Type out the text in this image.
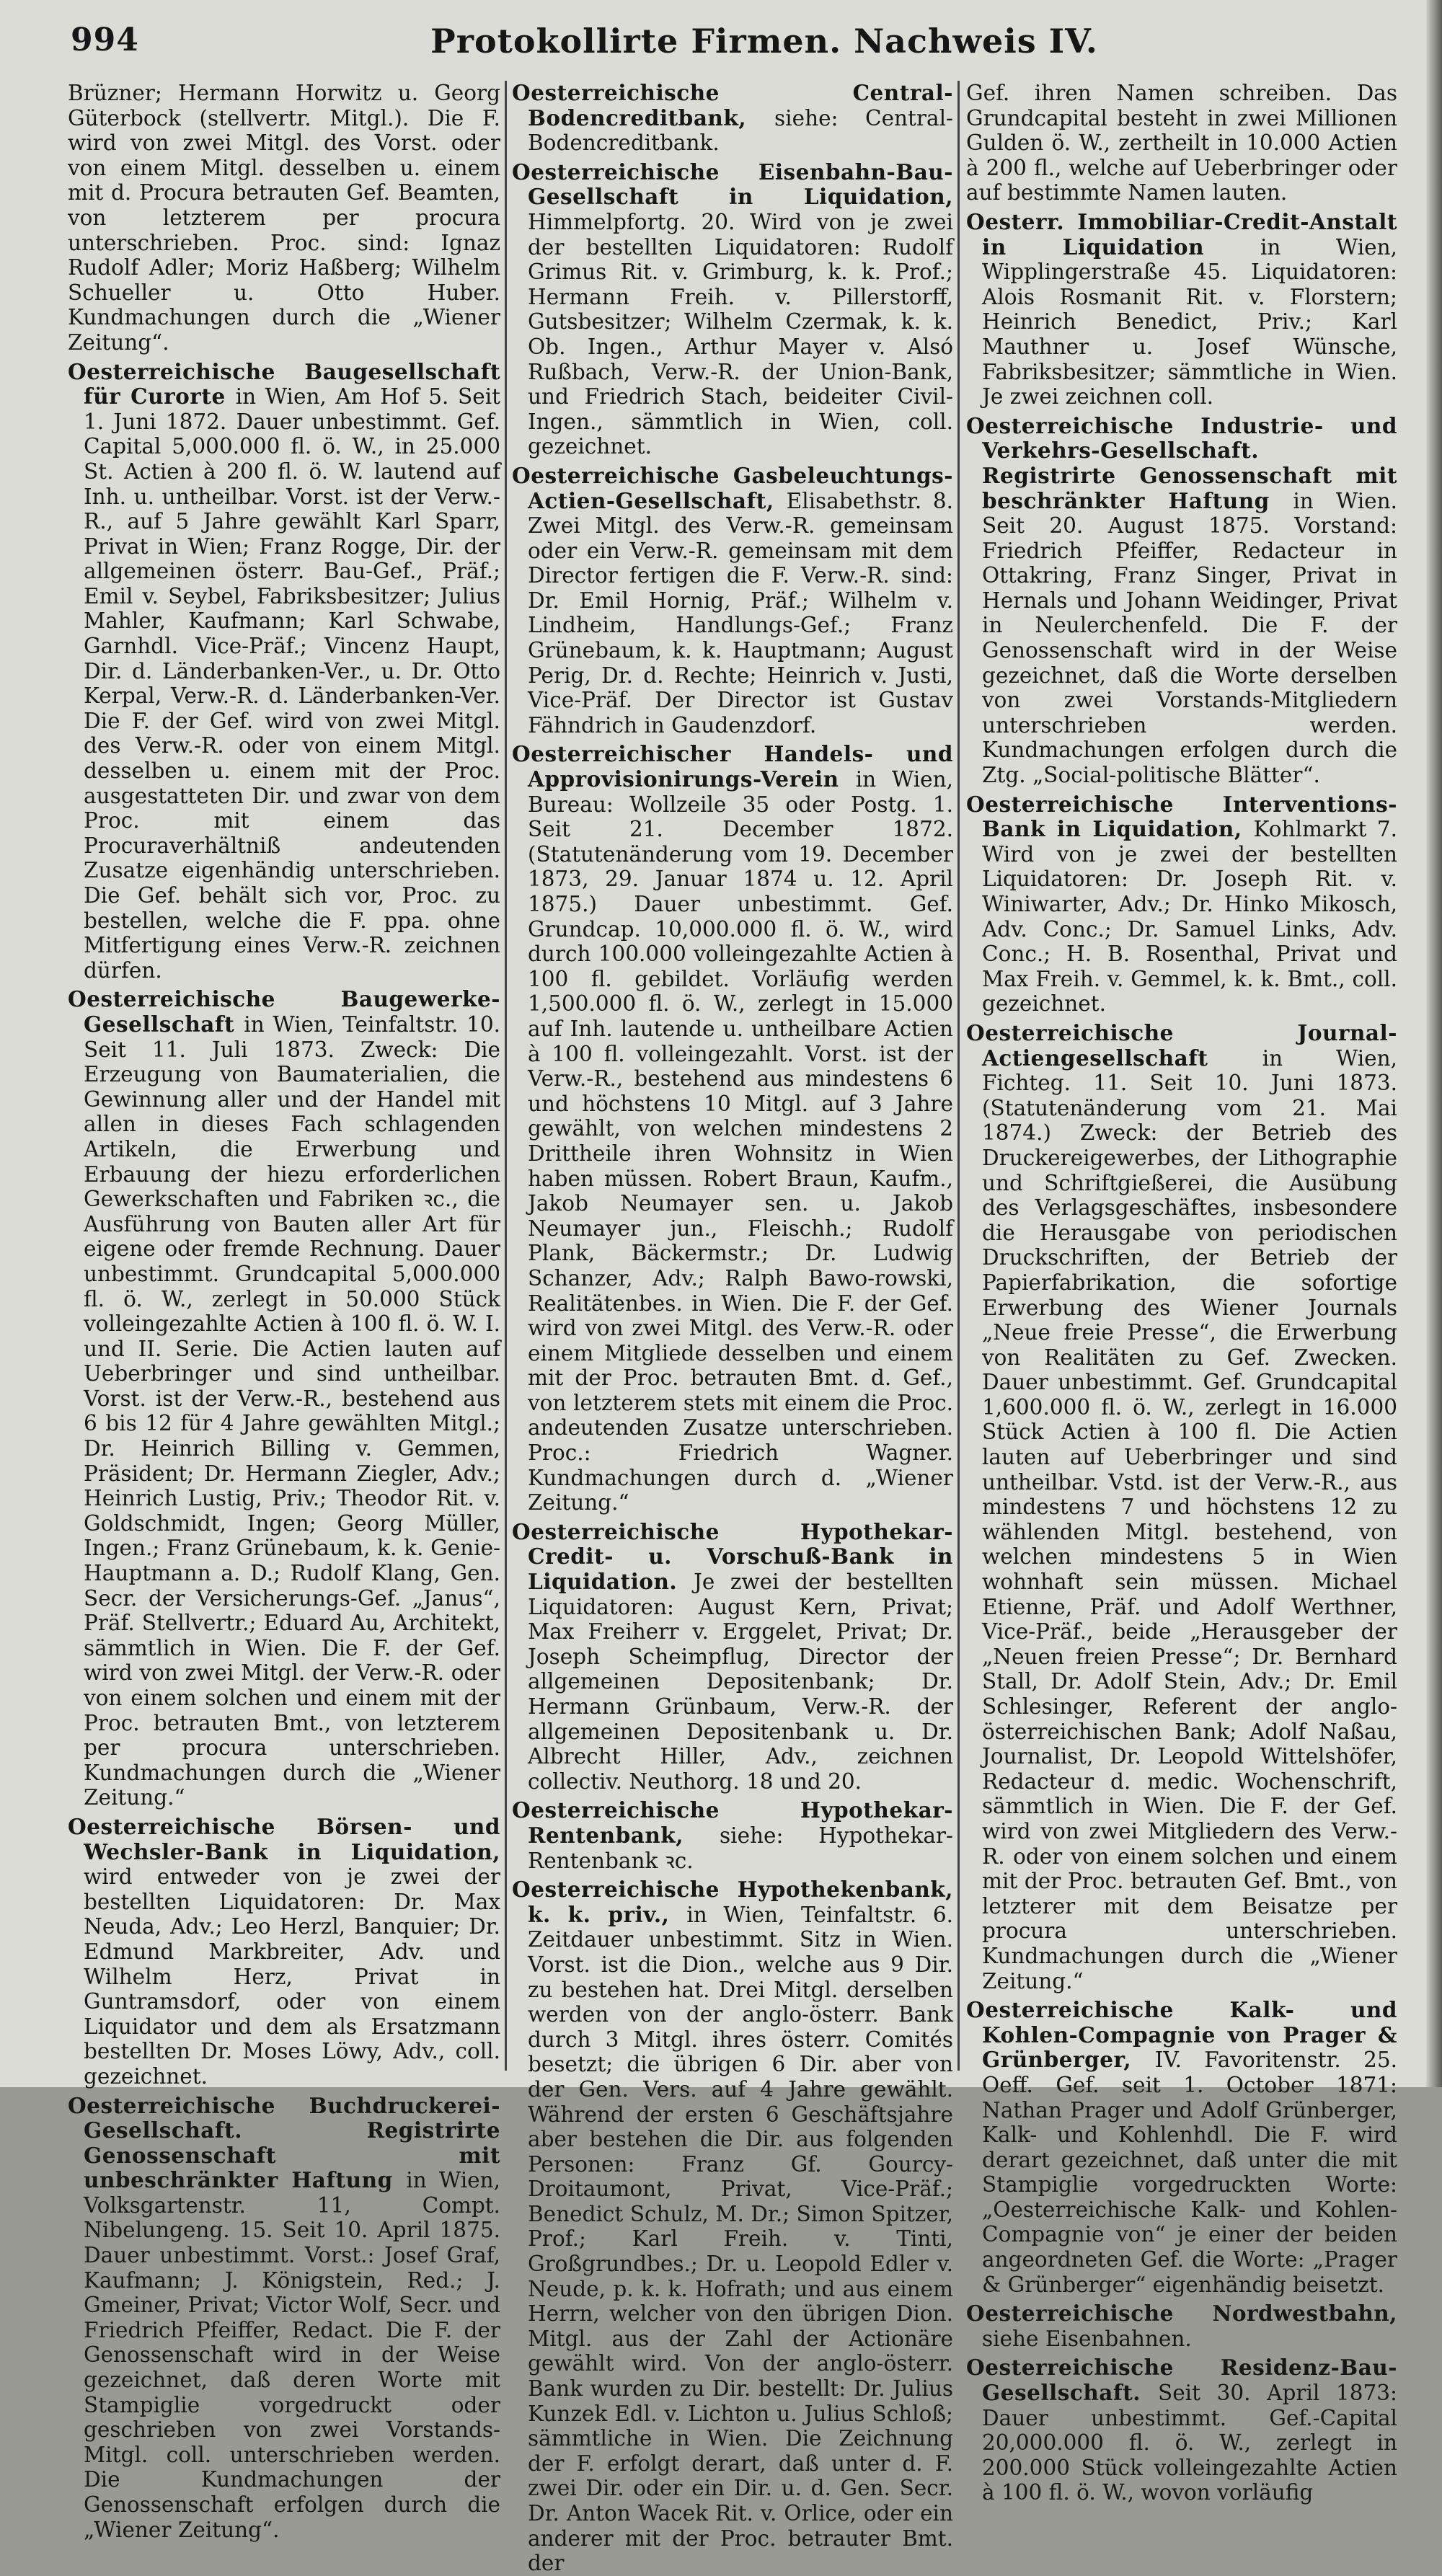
994	Protokollirte Firmen. Nachweis IV.

Brüzner; Hermann Horwitz u. Georg Güterbock (stellvertr. Mitgl.). Die F. wird von zwei Mitgl. des Vorst. oder von einem Mitgl. desselben u. einem mit d. Procura betrauten Gef. Beamten, von letzterem per procura unterschrieben. Proc. sind: Ignaz Rudolf Adler; Moriz Haßberg; Wilhelm Schueller u. Otto Huber. Kundmachungen durch die „Wiener Zeitung“.

Oesterreichische Baugesellschaft für Curorte in Wien, Am Hof 5. Seit 1. Juni 1872. Dauer unbestimmt. Gef. Capital 5,000.000 fl. ö. W., in 25.000 St. Actien à 200 fl. ö. W. lautend auf Inh. u. untheilbar. Vorst. ist der Verw.-R., auf 5 Jahre gewählt Karl Sparr, Privat in Wien; Franz Rogge, Dir. der allgemeinen österr. Bau-Gef., Präf.; Emil v. Seybel, Fabriksbesitzer; Julius Mahler, Kaufmann; Karl Schwabe, Garnhdl. Vice-Präf.; Vincenz Haupt, Dir. d. Länderbanken-Ver., u. Dr. Otto Kerpal, Verw.-R. d. Länderbanken-Ver. Die F. der Gef. wird von zwei Mitgl. des Verw.-R. oder von einem Mitgl. desselben u. einem mit der Proc. ausgestatteten Dir. und zwar von dem Proc. mit einem das Procuraverhältniß andeutenden Zusatze eigenhändig unterschrieben. Die Gef. behält sich vor, Proc. zu bestellen, welche die F. ppa. ohne Mitfertigung eines Verw.-R. zeichnen dürfen.

Oesterreichische Baugewerke-Gesellschaft in Wien, Teinfaltstr. 10. Seit 11. Juli 1873. Zweck: Die Erzeugung von Baumaterialien, die Gewinnung aller und der Handel mit allen in dieses Fach schlagenden Artikeln, die Erwerbung und Erbauung der hiezu erforderlichen Gewerkschaften und Fabriken ꝛc., die Ausführung von Bauten aller Art für eigene oder fremde Rechnung. Dauer unbestimmt. Grundcapital 5,000.000 fl. ö. W., zerlegt in 50.000 Stück volleingezahlte Actien à 100 fl. ö. W. I. und II. Serie. Die Actien lauten auf Ueberbringer und sind untheilbar. Vorst. ist der Verw.-R., bestehend aus 6 bis 12 für 4 Jahre gewählten Mitgl.; Dr. Heinrich Billing v. Gemmen, Präsident; Dr. Hermann Ziegler, Adv.; Heinrich Lustig, Priv.; Theodor Rit. v. Goldschmidt, Ingen; Georg Müller, Ingen.; Franz Grünebaum, k. k. Genie-Hauptmann a. D.; Rudolf Klang, Gen. Secr. der Versicherungs-Gef. „Janus“, Präf. Stellvertr.; Eduard Au, Architekt, sämmtlich in Wien. Die F. der Gef. wird von zwei Mitgl. der Verw.-R. oder von einem solchen und einem mit der Proc. betrauten Bmt., von letzterem per procura unterschrieben. Kundmachungen durch die „Wiener Zeitung.“

Oesterreichische Börsen- und Wechsler-Bank in Liquidation, wird entweder von je zwei der bestellten Liquidatoren: Dr. Max Neuda, Adv.; Leo Herzl, Banquier; Dr. Edmund Markbreiter, Adv. und Wilhelm Herz, Privat in Guntramsdorf, oder von einem Liquidator und dem als Ersatzmann bestellten Dr. Moses Löwy, Adv., coll. gezeichnet.

Oesterreichische Buchdruckerei-Gesellschaft. Registrirte Genossenschaft mit unbeschränkter Haftung in Wien, Volksgartenstr. 11, Compt. Nibelungeng. 15. Seit 10. April 1875. Dauer unbestimmt. Vorst.: Josef Graf, Kaufmann; J. Königstein, Red.; J. Gmeiner, Privat; Victor Wolf, Secr. und Friedrich Pfeiffer, Redact. Die F. der Genossenschaft wird in der Weise gezeichnet, daß deren Worte mit Stampiglie vorgedruckt oder geschrieben von zwei Vorstands-Mitgl. coll. unterschrieben werden. Die Kundmachungen der Genossenschaft erfolgen durch die „Wiener Zeitung“.

Oesterreichische Central-Bodencreditbank, siehe: Central-Bodencreditbank.

Oesterreichische Eisenbahn-Bau-Gesellschaft in Liquidation, Himmelpfortg. 20. Wird von je zwei der bestellten Liquidatoren: Rudolf Grimus Rit. v. Grimburg, k. k. Prof.; Hermann Freih. v. Pillerstorff, Gutsbesitzer; Wilhelm Czermak, k. k. Ob. Ingen., Arthur Mayer v. Alsó Rußbach, Verw.-R. der Union-Bank, und Friedrich Stach, beideiter Civil-Ingen., sämmtlich in Wien, coll. gezeichnet.

Oesterreichische Gasbeleuchtungs-Actien-Gesellschaft, Elisabethstr. 8. Zwei Mitgl. des Verw.-R. gemeinsam oder ein Verw.-R. gemeinsam mit dem Director fertigen die F. Verw.-R. sind: Dr. Emil Hornig, Präf.; Wilhelm v. Lindheim, Handlungs-Gef.; Franz Grünebaum, k. k. Hauptmann; August Perig, Dr. d. Rechte; Heinrich v. Justi, Vice-Präf. Der Director ist Gustav Fähndrich in Gaudenzdorf.

Oesterreichischer Handels- und Approvisionirungs-Verein in Wien, Bureau: Wollzeile 35 oder Postg. 1. Seit 21. December 1872. (Statutenänderung vom 19. December 1873, 29. Januar 1874 u. 12. April 1875.) Dauer unbestimmt. Gef. Grundcap. 10,000.000 fl. ö. W., wird durch 100.000 volleingezahlte Actien à 100 fl. gebildet. Vorläufig werden 1,500.000 fl. ö. W., zerlegt in 15.000 auf Inh. lautende u. untheilbare Actien à 100 fl. volleingezahlt. Vorst. ist der Verw.-R., bestehend aus mindestens 6 und höchstens 10 Mitgl. auf 3 Jahre gewählt, von welchen mindestens 2 Drittheile ihren Wohnsitz in Wien haben müssen. Robert Braun, Kaufm., Jakob Neumayer sen. u. Jakob Neumayer jun., Fleischh.; Rudolf Plank, Bäckermstr.; Dr. Ludwig Schanzer, Adv.; Ralph Bawo-rowski, Realitätenbes. in Wien. Die F. der Gef. wird von zwei Mitgl. des Verw.-R. oder einem Mitgliede desselben und einem mit der Proc. betrauten Bmt. d. Gef., von letzterem stets mit einem die Proc. andeutenden Zusatze unterschrieben. Proc.: Friedrich Wagner. Kundmachungen durch d. „Wiener Zeitung.“

Oesterreichische Hypothekar-Credit- u. Vorschuß-Bank in Liquidation. Je zwei der bestellten Liquidatoren: August Kern, Privat; Max Freiherr v. Erggelet, Privat; Dr. Joseph Scheimpflug, Director der allgemeinen Depositenbank; Dr. Hermann Grünbaum, Verw.-R. der allgemeinen Depositenbank u. Dr. Albrecht Hiller, Adv., zeichnen collectiv. Neuthorg. 18 und 20.

Oesterreichische Hypothekar-Rentenbank, siehe: Hypothekar-Rentenbank ꝛc.

Oesterreichische Hypothekenbank, k. k. priv., in Wien, Teinfaltstr. 6. Zeitdauer unbestimmt. Sitz in Wien. Vorst. ist die Dion., welche aus 9 Dir. zu bestehen hat. Drei Mitgl. derselben werden von der anglo-österr. Bank durch 3 Mitgl. ihres österr. Comités besetzt; die übrigen 6 Dir. aber von der Gen. Vers. auf 4 Jahre gewählt. Während der ersten 6 Geschäftsjahre aber bestehen die Dir. aus folgenden Personen: Franz Gf. Gourcy-Droitaumont, Privat, Vice-Präf.; Benedict Schulz, M. Dr.; Simon Spitzer, Prof.; Karl Freih. v. Tinti, Großgrundbes.; Dr. u. Leopold Edler v. Neude, p. k. k. Hofrath; und aus einem Herrn, welcher von den übrigen Dion. Mitgl. aus der Zahl der Actionäre gewählt wird. Von der anglo-österr. Bank wurden zu Dir. bestellt: Dr. Julius Kunzek Edl. v. Lichton u. Julius Schloß; sämmtliche in Wien. Die Zeichnung der F. erfolgt derart, daß unter d. F. zwei Dir. oder ein Dir. u. d. Gen. Secr. Dr. Anton Wacek Rit. v. Orlice, oder ein anderer mit der Proc. betrauter Bmt. der

Gef. ihren Namen schreiben. Das Grundcapital besteht in zwei Millionen Gulden ö. W., zertheilt in 10.000 Actien à 200 fl., welche auf Ueberbringer oder auf bestimmte Namen lauten.

Oesterr. Immobiliar-Credit-Anstalt in Liquidation in Wien, Wipplingerstraße 45. Liquidatoren: Alois Rosmanit Rit. v. Florstern; Heinrich Benedict, Priv.; Karl Mauthner u. Josef Wünsche, Fabriksbesitzer; sämmtliche in Wien. Je zwei zeichnen coll.

Oesterreichische Industrie- und Verkehrs-Gesellschaft. Registrirte Genossenschaft mit beschränkter Haftung in Wien. Seit 20. August 1875. Vorstand: Friedrich Pfeiffer, Redacteur in Ottakring, Franz Singer, Privat in Hernals und Johann Weidinger, Privat in Neulerchenfeld. Die F. der Genossenschaft wird in der Weise gezeichnet, daß die Worte derselben von zwei Vorstands-Mitgliedern unterschrieben werden. Kundmachungen erfolgen durch die Ztg. „Social-politische Blätter“.

Oesterreichische Interventions-Bank in Liquidation, Kohlmarkt 7. Wird von je zwei der bestellten Liquidatoren: Dr. Joseph Rit. v. Winiwarter, Adv.; Dr. Hinko Mikosch, Adv. Conc.; Dr. Samuel Links, Adv. Conc.; H. B. Rosenthal, Privat und Max Freih. v. Gemmel, k. k. Bmt., coll. gezeichnet.

Oesterreichische Journal-Actiengesellschaft in Wien, Fichteg. 11. Seit 10. Juni 1873. (Statutenänderung vom 21. Mai 1874.) Zweck: der Betrieb des Druckereigewerbes, der Lithographie und Schriftgießerei, die Ausübung des Verlagsgeschäftes, insbesondere die Herausgabe von periodischen Druckschriften, der Betrieb der Papierfabrikation, die sofortige Erwerbung des Wiener Journals „Neue freie Presse“, die Erwerbung von Realitäten zu Gef. Zwecken. Dauer unbestimmt. Gef. Grundcapital 1,600.000 fl. ö. W., zerlegt in 16.000 Stück Actien à 100 fl. Die Actien lauten auf Ueberbringer und sind untheilbar. Vstd. ist der Verw.-R., aus mindestens 7 und höchstens 12 zu wählenden Mitgl. bestehend, von welchen mindestens 5 in Wien wohnhaft sein müssen. Michael Etienne, Präf. und Adolf Werthner, Vice-Präf., beide „Herausgeber der „Neuen freien Presse“; Dr. Bernhard Stall, Dr. Adolf Stein, Adv.; Dr. Emil Schlesinger, Referent der anglo-österreichischen Bank; Adolf Naßau, Journalist, Dr. Leopold Wittelshöfer, Redacteur d. medic. Wochenschrift, sämmtlich in Wien. Die F. der Gef. wird von zwei Mitgliedern des Verw.-R. oder von einem solchen und einem mit der Proc. betrauten Gef. Bmt., von letzterer mit dem Beisatze per procura unterschrieben. Kundmachungen durch die „Wiener Zeitung.“

Oesterreichische Kalk- und Kohlen-Compagnie von Prager & Grünberger, IV. Favoritenstr. 25. Oeff. Gef. seit 1. October 1871: Nathan Prager und Adolf Grünberger, Kalk- und Kohlenhdl. Die F. wird derart gezeichnet, daß unter die mit Stampiglie vorgedruckten Worte: „Oesterreichische Kalk- und Kohlen-Compagnie von“ je einer der beiden angeordneten Gef. die Worte: „Prager & Grünberger“ eigenhändig beisetzt.

Oesterreichische Nordwestbahn, siehe Eisenbahnen.

Oesterreichische Residenz-Bau-Gesellschaft. Seit 30. April 1873: Dauer unbestimmt. Gef.-Capital 20,000.000 fl. ö. W., zerlegt in 200.000 Stück volleingezahlte Actien à 100 fl. ö. W., wovon vorläufig
